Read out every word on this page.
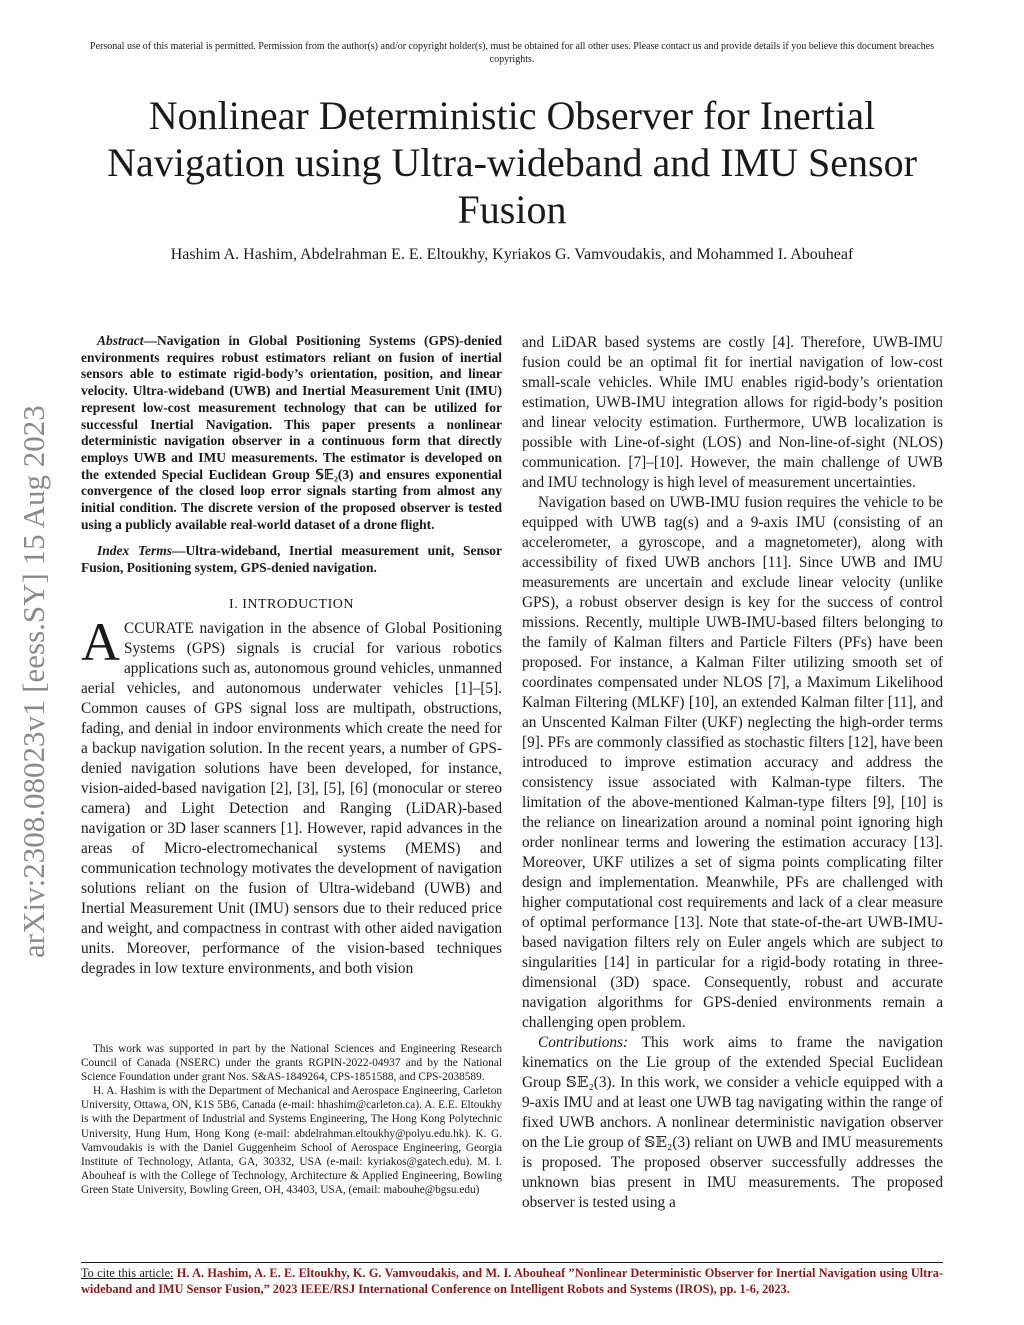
Personal use of this material is permitted. Permission from the author(s) and/or copyright holder(s), must be obtained for all other uses. Please contact us and provide details if you believe this document breaches copyrights.
Nonlinear Deterministic Observer for Inertial Navigation using Ultra-wideband and IMU Sensor Fusion
Hashim A. Hashim, Abdelrahman E. E. Eltoukhy, Kyriakos G. Vamvoudakis, and Mohammed I. Abouheaf
arXiv:2308.08023v1 [eess.SY] 15 Aug 2023

Abstract—Navigation in Global Positioning Systems (GPS)-denied environments requires robust estimators reliant on fusion of inertial sensors able to estimate rigid-body’s orientation, position, and linear velocity. Ultra-wideband (UWB) and Inertial Measurement Unit (IMU) represent low-cost measurement technology that can be utilized for successful Inertial Navigation. This paper presents a nonlinear deterministic navigation observer in a continuous form that directly employs UWB and IMU measurements. The estimator is developed on the extended Special Euclidean Group 𝕊𝔼₂(3) and ensures exponential convergence of the closed loop error signals starting from almost any initial condition. The discrete version of the proposed observer is tested using a publicly available real-world dataset of a drone flight.

Index Terms—Ultra-wideband, Inertial measurement unit, Sensor Fusion, Positioning system, GPS-denied navigation.

I. INTRODUCTION

ACCURATE navigation in the absence of Global Positioning Systems (GPS) signals is crucial for various robotics applications such as, autonomous ground vehicles, unmanned aerial vehicles, and autonomous underwater vehicles [1]–[5]. Common causes of GPS signal loss are multipath, obstructions, fading, and denial in indoor environments which create the need for a backup navigation solution. In the recent years, a number of GPS-denied navigation solutions have been developed, for instance, vision-aided-based navigation [2], [3], [5], [6] (monocular or stereo camera) and Light Detection and Ranging (LiDAR)-based navigation or 3D laser scanners [1]. However, rapid advances in the areas of Micro-electromechanical systems (MEMS) and communication technology motivates the development of navigation solutions reliant on the fusion of Ultra-wideband (UWB) and Inertial Measurement Unit (IMU) sensors due to their reduced price and weight, and compactness in contrast with other aided navigation units. Moreover, performance of the vision-based techniques degrades in low texture environments, and both vision

This work was supported in part by the National Sciences and Engineering Research Council of Canada (NSERC) under the grants RGPIN-2022-04937 and by the National Science Foundation under grant Nos. S&AS-1849264, CPS-1851588, and CPS-2038589.

H. A. Hashim is with the Department of Mechanical and Aerospace Engineering, Carleton University, Ottawa, ON, K1S 5B6, Canada (e-mail: hhashim@carleton.ca). A. E.E. Eltoukhy is with the Department of Industrial and Systems Engineering, The Hong Kong Polytechnic University, Hung Hum, Hong Kong (e-mail: abdelrahman.eltoukhy@polyu.edu.hk). K. G. Vamvoudakis is with the Daniel Guggenheim School of Aerospace Engineering, Georgia Institute of Technology, Atlanta, GA, 30332, USA (e-mail: kyriakos@gatech.edu). M. I. Abouheaf is with the College of Technology, Architecture & Applied Engineering, Bowling Green State University, Bowling Green, OH, 43403, USA, (email: mabouhe@bgsu.edu)

and LiDAR based systems are costly [4]. Therefore, UWB-IMU fusion could be an optimal fit for inertial navigation of low-cost small-scale vehicles. While IMU enables rigid-body’s orientation estimation, UWB-IMU integration allows for rigid-body’s position and linear velocity estimation. Furthermore, UWB localization is possible with Line-of-sight (LOS) and Non-line-of-sight (NLOS) communication. [7]–[10]. However, the main challenge of UWB and IMU technology is high level of measurement uncertainties.

Navigation based on UWB-IMU fusion requires the vehicle to be equipped with UWB tag(s) and a 9-axis IMU (consisting of an accelerometer, a gyroscope, and a magnetometer), along with accessibility of fixed UWB anchors [11]. Since UWB and IMU measurements are uncertain and exclude linear velocity (unlike GPS), a robust observer design is key for the success of control missions. Recently, multiple UWB-IMU-based filters belonging to the family of Kalman filters and Particle Filters (PFs) have been proposed. For instance, a Kalman Filter utilizing smooth set of coordinates compensated under NLOS [7], a Maximum Likelihood Kalman Filtering (MLKF) [10], an extended Kalman filter [11], and an Unscented Kalman Filter (UKF) neglecting the high-order terms [9]. PFs are commonly classified as stochastic filters [12], have been introduced to improve estimation accuracy and address the consistency issue associated with Kalman-type filters. The limitation of the above-mentioned Kalman-type filters [9], [10] is the reliance on linearization around a nominal point ignoring high order nonlinear terms and lowering the estimation accuracy [13]. Moreover, UKF utilizes a set of sigma points complicating filter design and implementation. Meanwhile, PFs are challenged with higher computational cost requirements and lack of a clear measure of optimal performance [13]. Note that state-of-the-art UWB-IMU-based navigation filters rely on Euler angels which are subject to singularities [14] in particular for a rigid-body rotating in three-dimensional (3D) space. Consequently, robust and accurate navigation algorithms for GPS-denied environments remain a challenging open problem.

Contributions: This work aims to frame the navigation kinematics on the Lie group of the extended Special Euclidean Group 𝕊𝔼₂(3). In this work, we consider a vehicle equipped with a 9-axis IMU and at least one UWB tag navigating within the range of fixed UWB anchors. A nonlinear deterministic navigation observer on the Lie group of 𝕊𝔼₂(3) reliant on UWB and IMU measurements is proposed. The proposed observer successfully addresses the unknown bias present in IMU measurements. The proposed observer is tested using a

To cite this article: H. A. Hashim, A. E. E. Eltoukhy, K. G. Vamvoudakis, and M. I. Abouheaf ”Nonlinear Deterministic Observer for Inertial Navigation using Ultra-wideband and IMU Sensor Fusion,” 2023 IEEE/RSJ International Conference on Intelligent Robots and Systems (IROS), pp. 1-6, 2023.
